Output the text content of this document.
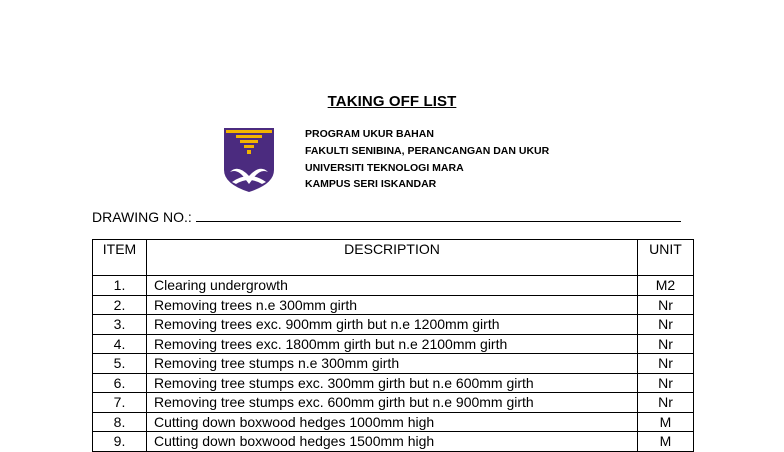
TAKING OFF LIST
PROGRAM UKUR BAHAN
FAKULTI SENIBINA, PERANCANGAN DAN UKUR
UNIVERSITI TEKNOLOGI MARA
KAMPUS SERI ISKANDAR
DRAWING NO.:
ITEM	DESCRIPTION	UNIT
1.	Clearing undergrowth	M2
2.	Removing trees n.e 300mm girth	Nr
3.	Removing trees exc. 900mm girth but n.e 1200mm girth	Nr
4.	Removing trees exc. 1800mm girth but n.e 2100mm girth	Nr
5.	Removing tree stumps n.e 300mm girth	Nr
6.	Removing tree stumps exc. 300mm girth but n.e 600mm girth	Nr
7.	Removing tree stumps exc. 600mm girth but n.e 900mm girth	Nr
8.	Cutting down boxwood hedges 1000mm high	M
9.	Cutting down boxwood hedges 1500mm high	M
